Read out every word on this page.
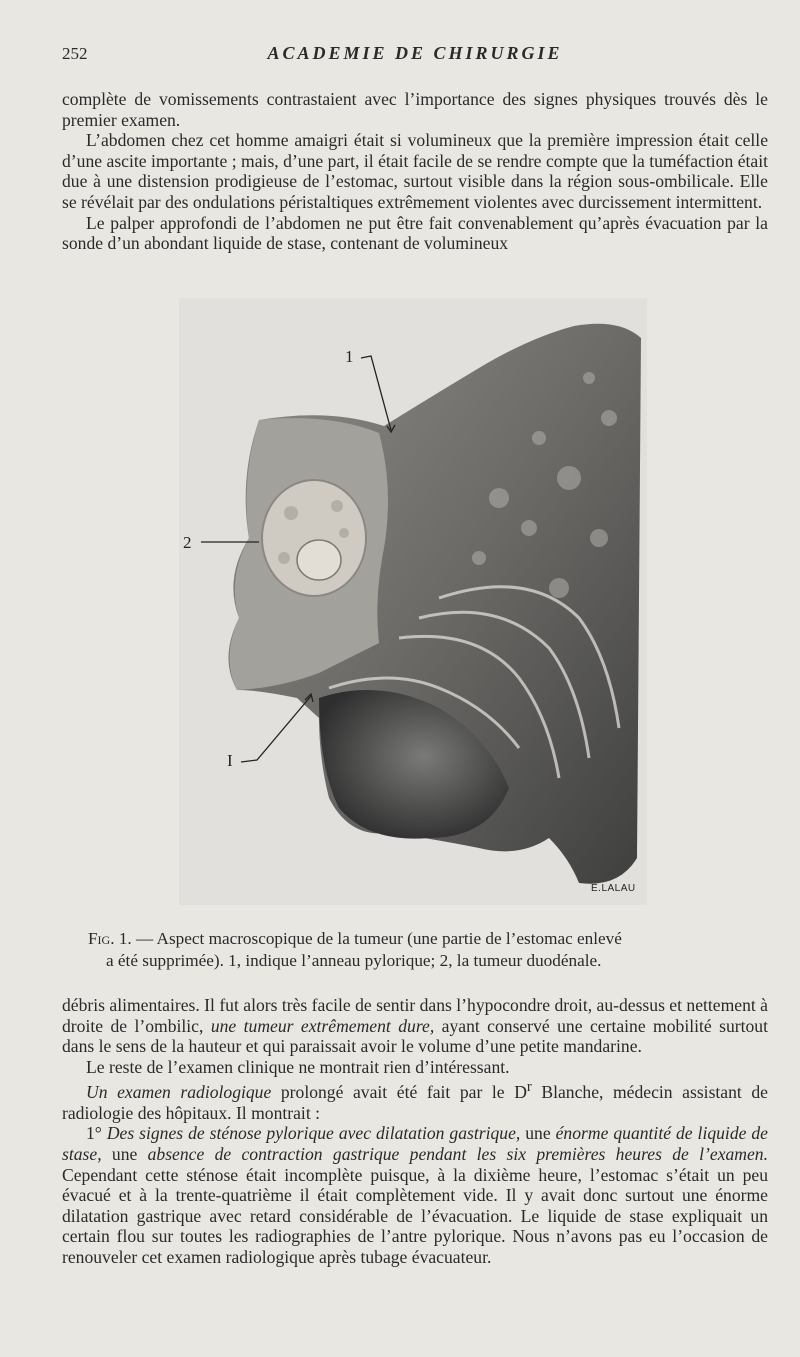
252	ACADEMIE DE CHIRURGIE

complète de vomissements contrastaient avec l’importance des signes physiques trouvés dès le premier examen.

L’abdomen chez cet homme amaigri était si volumineux que la première impression était celle d’une ascite importante ; mais, d’une part, il était facile de se rendre compte que la tuméfaction était due à une distension prodigieuse de l’estomac, surtout visible dans la région sous-ombilicale. Elle se révélait par des ondulations péristaltiques extrêmement violentes avec durcissement intermittent.

Le palper approfondi de l’abdomen ne put être fait convenablement qu’après évacuation par la sonde d’un abondant liquide de stase, contenant de volumineux

1
2
I
E.LALAU
Fig. 1. — Aspect macroscopique de la tumeur (une partie de l’estomac enlevé
a été supprimée). 1, indique l’anneau pylorique; 2, la tumeur duodénale.

débris alimentaires. Il fut alors très facile de sentir dans l’hypocondre droit, au-dessus et nettement à droite de l’ombilic, une tumeur extrêmement dure, ayant conservé une certaine mobilité surtout dans le sens de la hauteur et qui paraissait avoir le volume d’une petite mandarine.

Le reste de l’examen clinique ne montrait rien d’intéressant.

Un examen radiologique prolongé avait été fait par le $D^r$ Blanche, médecin assistant de radiologie des hôpitaux. Il montrait :

1° Des signes de sténose pylorique avec dilatation gastrique, une énorme quantité de liquide de stase, une absence de contraction gastrique pendant les six premières heures de l’examen. Cependant cette sténose était incomplète puisque, à la dixième heure, l’estomac s’était un peu évacué et à la trente-quatrième il était complètement vide. Il y avait donc surtout une énorme dilatation gastrique avec retard considérable de l’évacuation. Le liquide de stase expliquait un certain flou sur toutes les radiographies de l’antre pylorique. Nous n’avons pas eu l’occasion de renouveler cet examen radiologique après tubage évacuateur.
